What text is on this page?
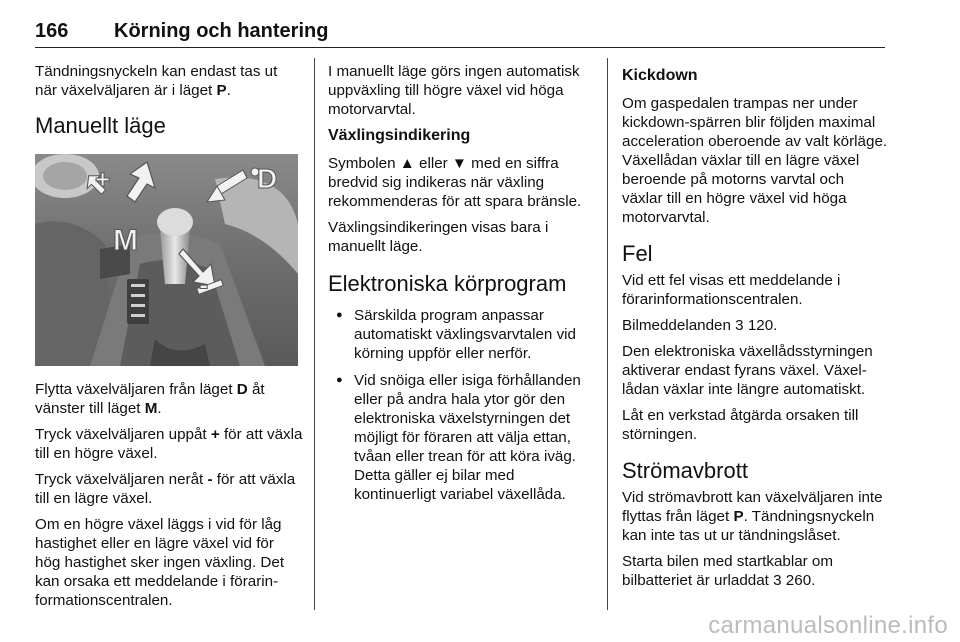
166 Körning och hantering

Tändningsnyckeln kan endast tas ut när växelväljaren är i läget P.

Manuellt läge
+	D
M
-

Flytta växelväljaren från läget D åt vänster till läget M.

Tryck växelväljaren uppåt + för att växla till en högre växel.

Tryck växelväljaren neråt - för att växla till en lägre växel.

Om en högre växel läggs i vid för låg hastighet eller en lägre växel vid för hög hastighet sker ingen växling. Det kan orsaka ett meddelande i förarinformationscentralen.

I manuellt läge görs ingen automatisk uppväxling till högre växel vid höga motorvarvtal.

Växlingsindikering

Symbolen ▲ eller ▼ med en siffra bredvid sig indikeras när växling rekommenderas för att spara bränsle.

Växlingsindikeringen visas bara i manuellt läge.

Elektroniska körprogram
● Särskilda program anpassar automatiskt växlingsvarvtalen vid körning uppför eller nerför.
● Vid snöiga eller isiga förhållanden eller på andra hala ytor gör den elektroniska växelstyrningen det möjligt för föraren att välja ettan, tvåan eller trean för att köra iväg. Detta gäller ej bilar med kontinuerligt variabel växellåda.
Kickdown

Om gaspedalen trampas ner under kickdown-spärren blir följden maximal acceleration oberoende av valt körläge. Växellådan växlar till en lägre växel beroende på motorns varvtal och växlar till en högre växel vid höga motorvarvtal.

Fel

Vid ett fel visas ett meddelande i förarinformationscentralen.

Bilmeddelanden 3 120.

Den elektroniska växellådsstyrningen aktiverar endast fyrans växel. Växellådan växlar inte längre automatiskt.

Låt en verkstad åtgärda orsaken till störningen.

Strömavbrott

Vid strömavbrott kan växelväljaren inte flyttas från läget P. Tändningsnyckeln kan inte tas ut ur tändningslåset.

Starta bilen med startkablar om bilbatteriet är urladdat 3 260.

carmanualsonline.info
